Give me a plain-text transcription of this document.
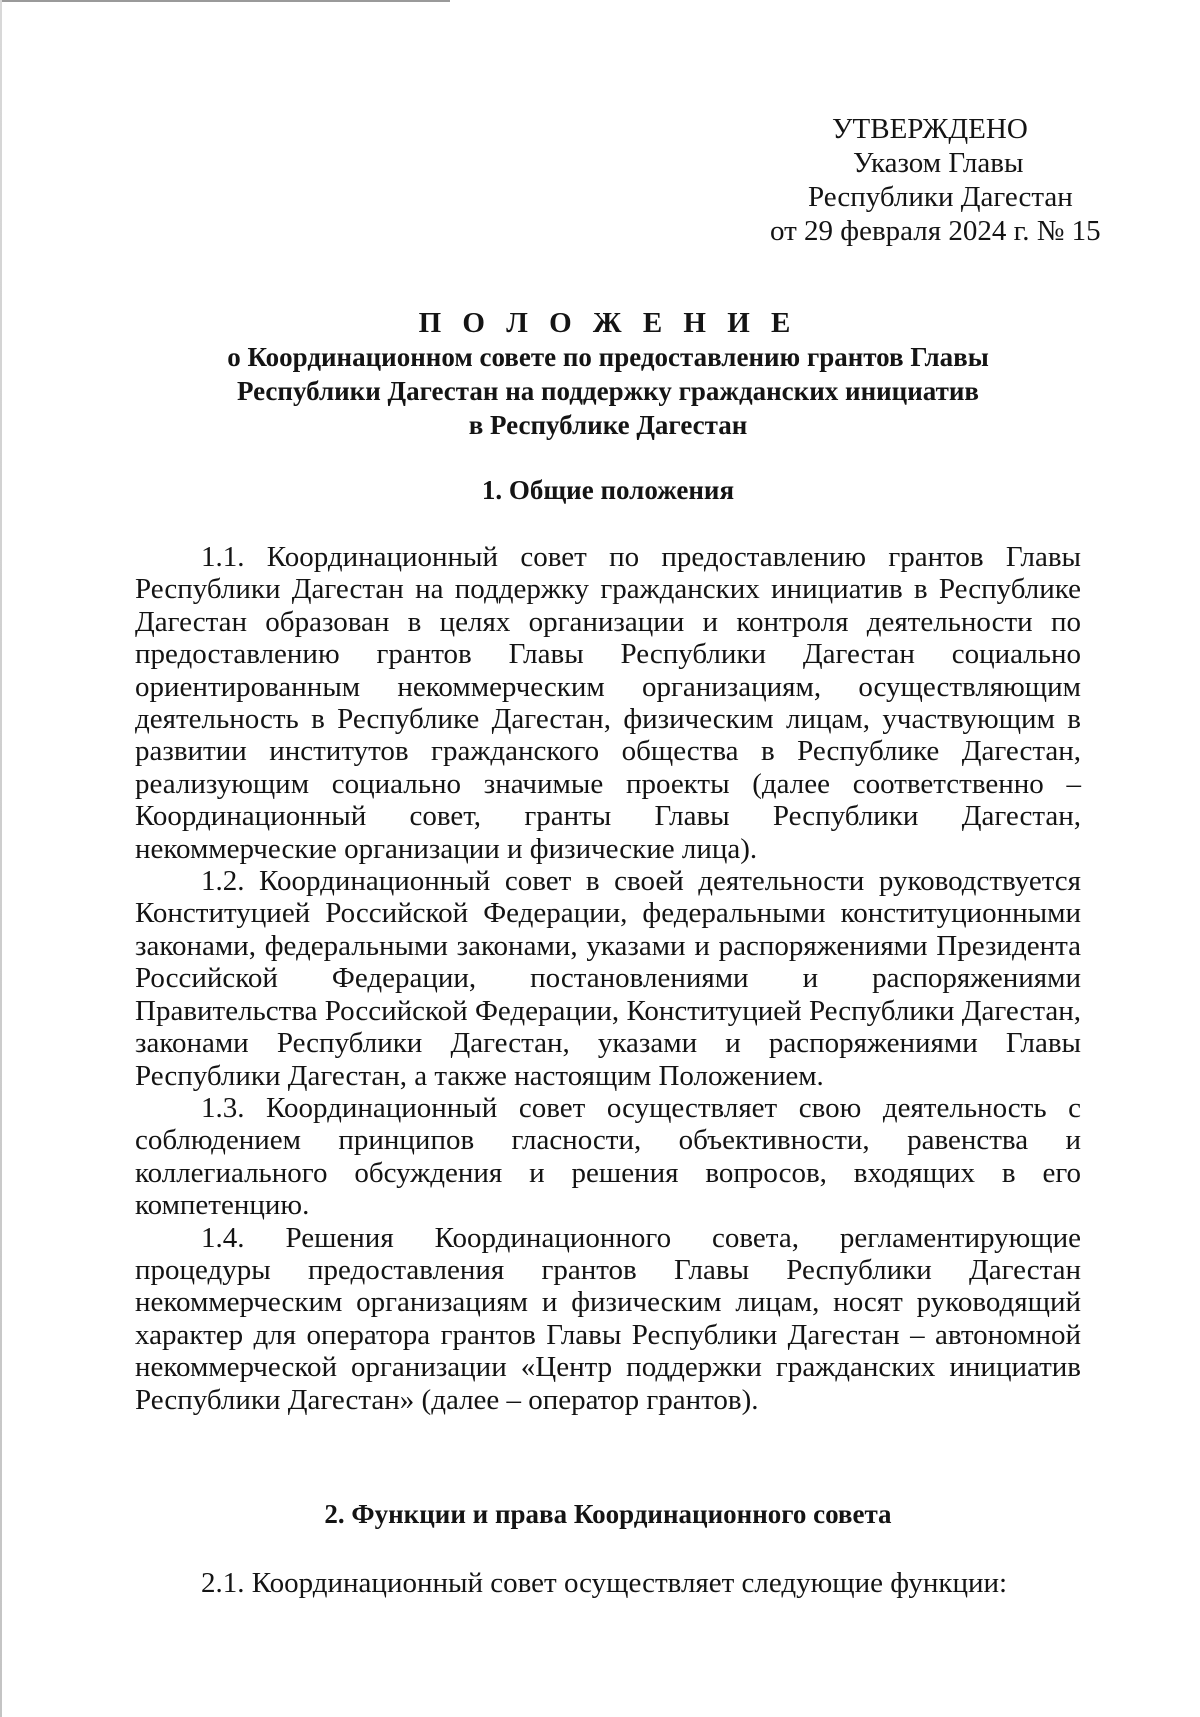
УТВЕРЖДЕНО
Указом Главы
Республики Дагестан
от 29 февраля 2024 г. № 15
П О Л О Ж Е Н И Е
о Координационном совете по предоставлению грантов Главы
Республики Дагестан на поддержку гражданских инициатив
в Республике Дагестан
1. Общие положения

1.1. Координационный совет по предоставлению грантов Главы Республики Дагестан на поддержку гражданских инициатив в Республике Дагестан образован в целях организации и контроля деятельности по предоставлению грантов Главы Республики Дагестан социально ориентированным некоммерческим организациям, осуществляющим деятельность в Республике Дагестан, физическим лицам, участвующим в развитии институтов гражданского общества в Республике Дагестан, реализующим социально значимые проекты (далее соответственно – Координационный совет, гранты Главы Республики Дагестан, некоммерческие организации и физические лица).

1.2. Координационный совет в своей деятельности руководствуется Конституцией Российской Федерации, федеральными конституционными законами, федеральными законами, указами и распоряжениями Президента Российской Федерации, постановлениями и распоряжениями Правительства Российской Федерации, Конституцией Республики Дагестан, законами Республики Дагестан, указами и распоряжениями Главы Республики Дагестан, а также настоящим Положением.

1.3. Координационный совет осуществляет свою деятельность с соблюдением принципов гласности, объективности, равенства и коллегиального обсуждения и решения вопросов, входящих в его компетенцию.

1.4. Решения Координационного совета, регламентирующие процедуры предоставления грантов Главы Республики Дагестан некоммерческим организациям и физическим лицам, носят руководящий характер для оператора грантов Главы Республики Дагестан – автономной некоммерческой организации «Центр поддержки гражданских инициатив Республики Дагестан» (далее – оператор грантов).

2. Функции и права Координационного совета
2.1. Координационный совет осуществляет следующие функции:
